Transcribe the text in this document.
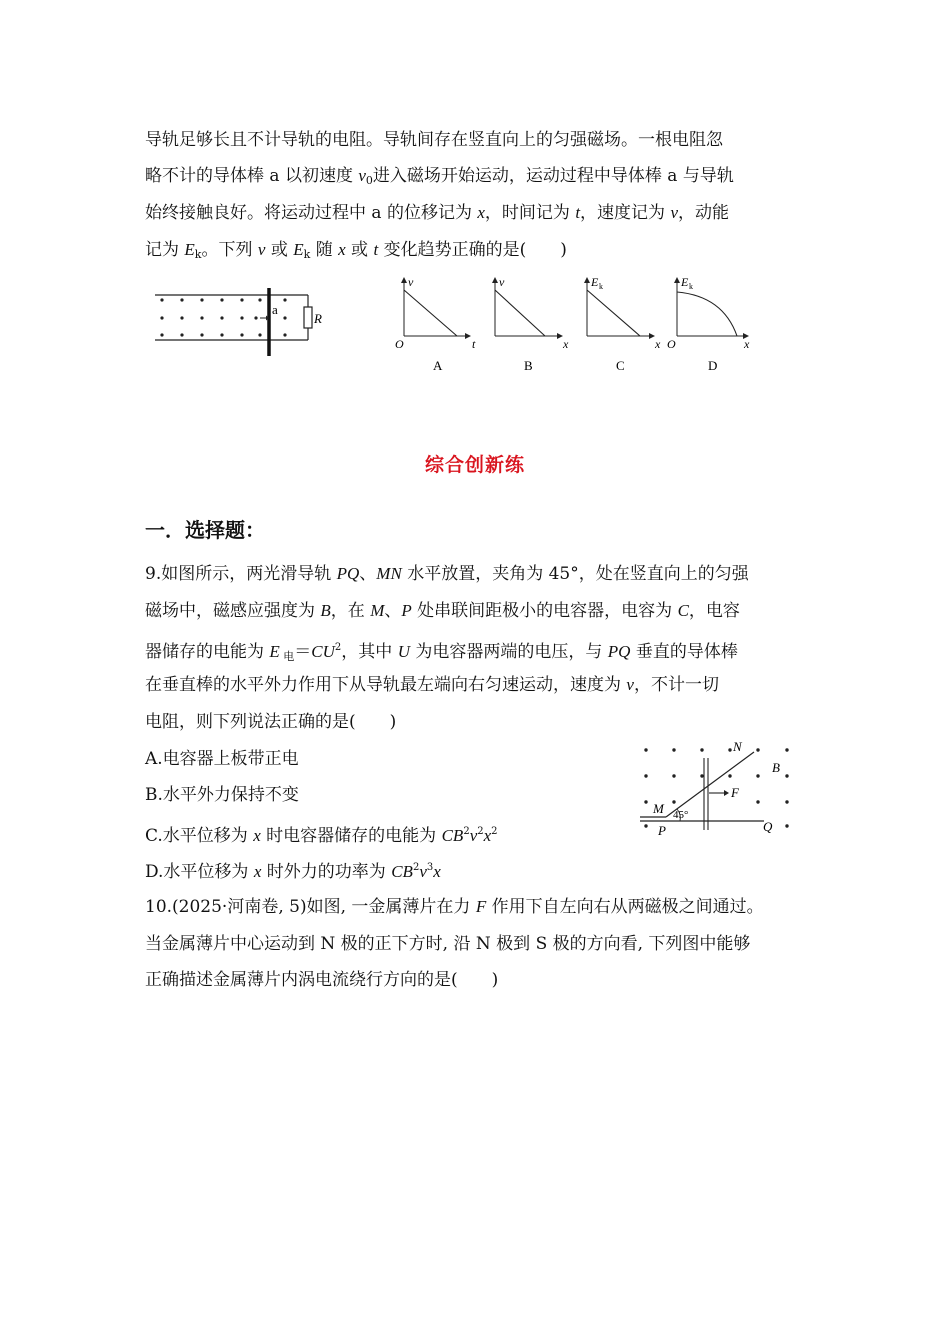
导轨足够长且不计导轨的电阻。导轨间存在竖直向上的匀强磁场。一根电阻忽
略不计的导体棒 a 以初速度 $v_0$进入磁场开始运动，运动过程中导体棒 a 与导轨
始终接触良好。将运动过程中 a 的位移记为 x，时间记为 t，速度记为 v，动能
记为 $E_k$。下列 v 或 $E_k$ 随 x 或 t 变化趋势正确的是(　　)
R
a
v
O	t
A
v
x
B
E k
x
C
O
E k
x
D
综合创新练
一．选择题：
9.如图所示，两光滑导轨 PQ、MN 水平放置，夹角为 45°，处在竖直向上的匀强
磁场中，磁感应强度为 B，在 M、P 处串联间距极小的电容器，电容为 C，电容
器储存的电能为 E $_电=CU^2$，其中 U 为电容器两端的电压，与 PQ 垂直的导体棒
在垂直棒的水平外力作用下从导轨最左端向右匀速运动，速度为 v，不计一切
电阻，则下列说法正确的是(　　)
A.电容器上板带正电
B.水平外力保持不变
C.水平位移为 x 时电容器储存的电能为 $CB^2v^2x^2$
D.水平位移为 x 时外力的功率为 $CB^2v^3x$
N
B
F
M 45°
P	Q
10.(2025·河南卷, 5)如图, 一金属薄片在力 F 作用下自左向右从两磁极之间通过。
当金属薄片中心运动到 N 极的正下方时, 沿 N 极到 S 极的方向看, 下列图中能够
正确描述金属薄片内涡电流绕行方向的是(　　)
